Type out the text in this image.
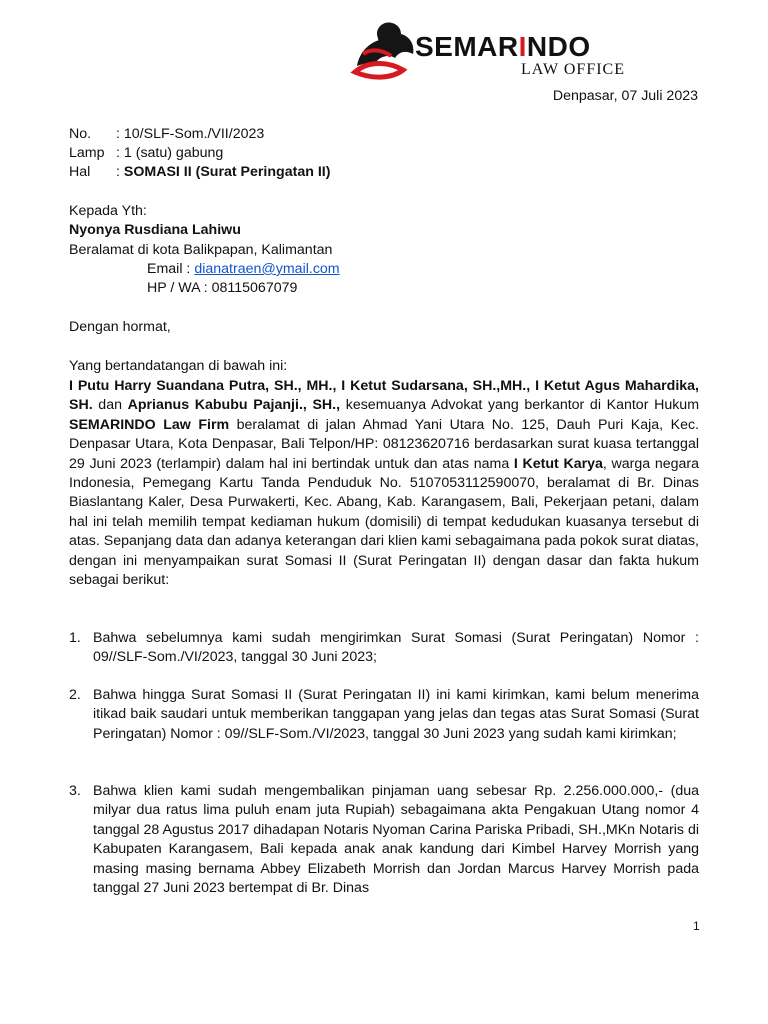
SEMARINDO
LAW OFFICE
Denpasar, 07 Juli 2023
No. : 10/SLF-Som./VII/2023
Lamp : 1 (satu) gabung
Hal : SOMASI II (Surat Peringatan II)
Kepada Yth:
Nyonya Rusdiana Lahiwu
Beralamat di kota Balikpapan, Kalimantan
Email : dianatraen@ymail.com
HP / WA : 08115067079
Dengan hormat,
Yang bertandatangan di bawah ini:
I Putu Harry Suandana Putra, SH., MH., I Ketut Sudarsana, SH.,MH., I Ketut Agus Mahardika, SH. dan Aprianus Kabubu Pajanji., SH., kesemuanya Advokat yang berkantor di Kantor Hukum SEMARINDO Law Firm beralamat di jalan Ahmad Yani Utara No. 125, Dauh Puri Kaja, Kec. Denpasar Utara, Kota Denpasar, Bali Telpon/HP: 08123620716 berdasarkan surat kuasa tertanggal 29 Juni 2023 (terlampir) dalam hal ini bertindak untuk dan atas nama I Ketut Karya, warga negara Indonesia, Pemegang Kartu Tanda Penduduk No. 5107053112590070, beralamat di Br. Dinas Biaslantang Kaler, Desa Purwakerti, Kec. Abang, Kab. Karangasem, Bali, Pekerjaan petani, dalam hal ini telah memilih tempat kediaman hukum (domisili) di tempat kedudukan kuasanya tersebut di atas. Sepanjang data dan adanya keterangan dari klien kami sebagaimana pada pokok surat diatas, dengan ini menyampaikan surat Somasi II (Surat Peringatan II) dengan dasar dan fakta hukum sebagai berikut:
1. Bahwa sebelumnya kami sudah mengirimkan Surat Somasi (Surat Peringatan) Nomor : 09//SLF-Som./VI/2023, tanggal 30 Juni 2023;
2. Bahwa hingga Surat Somasi II (Surat Peringatan II) ini kami kirimkan, kami belum menerima itikad baik saudari untuk memberikan tanggapan yang jelas dan tegas atas Surat Somasi (Surat Peringatan) Nomor : 09//SLF-Som./VI/2023, tanggal 30 Juni 2023 yang sudah kami kirimkan;
3. Bahwa klien kami sudah mengembalikan pinjaman uang sebesar Rp. 2.256.000.000,- (dua milyar dua ratus lima puluh enam juta Rupiah) sebagaimana akta Pengakuan Utang nomor 4 tanggal 28 Agustus 2017 dihadapan Notaris Nyoman Carina Pariska Pribadi, SH.,MKn Notaris di Kabupaten Karangasem, Bali kepada anak anak kandung dari Kimbel Harvey Morrish yang masing masing bernama Abbey Elizabeth Morrish dan Jordan Marcus Harvey Morrish pada tanggal 27 Juni 2023 bertempat di Br. Dinas
1
